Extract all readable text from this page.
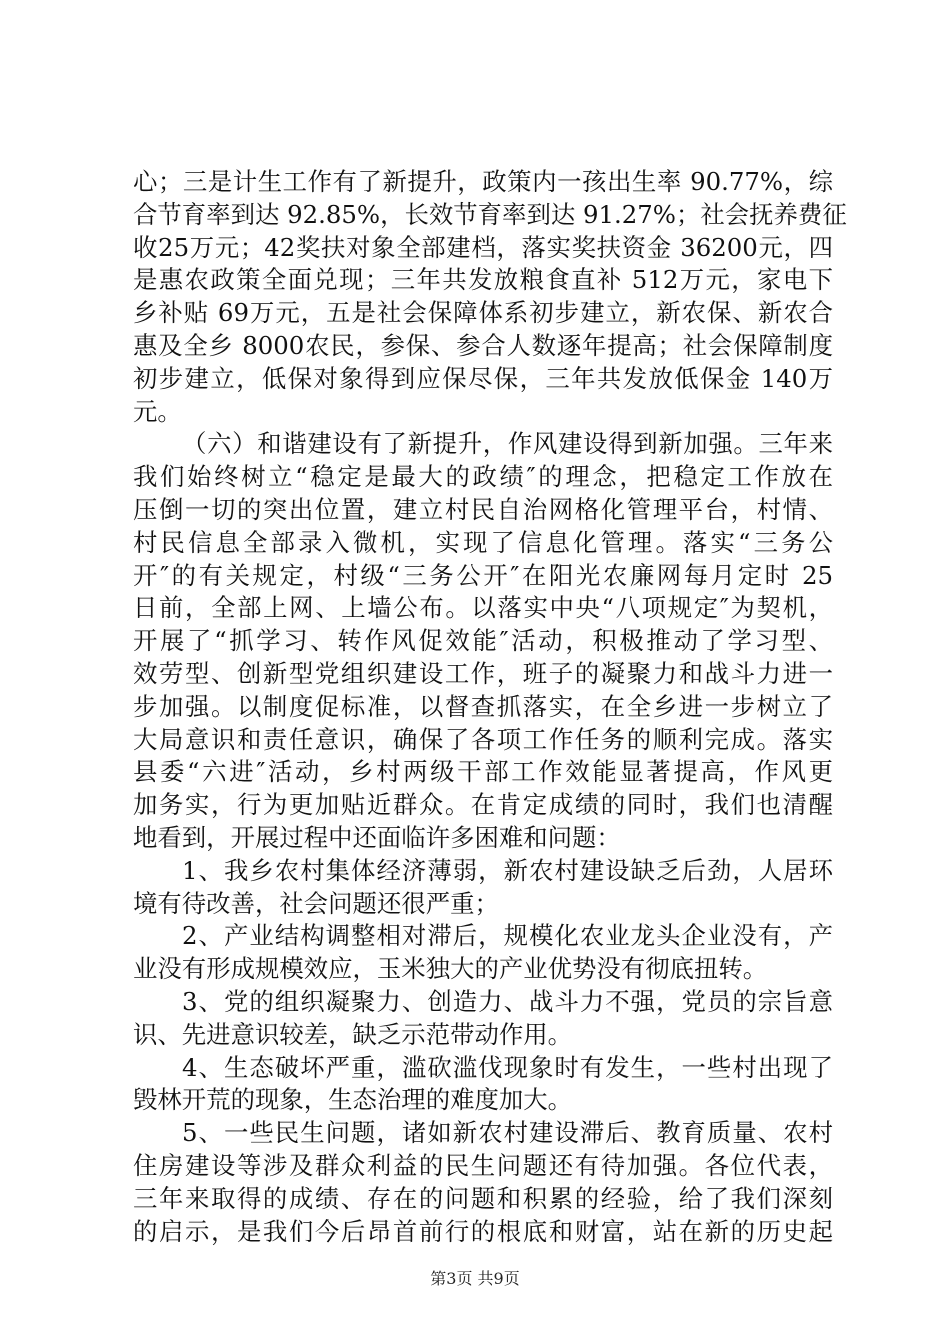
心；三是计生工作有了新提升，政策内一孩出生率 90.77%，综
合节育率到达 92.85%，长效节育率到达 91.27%；社会抚养费征
收25万元；42奖扶对象全部建档，落实奖扶资金 36200元，四
是惠农政策全面兑现；三年共发放粮食直补 512万元，家电下
乡补贴 69万元，五是社会保障体系初步建立，新农保、新农合
惠及全乡 8000农民，参保、参合人数逐年提高；社会保障制度
初步建立，低保对象得到应保尽保，三年共发放低保金 140万
元。
（六）和谐建设有了新提升，作风建设得到新加强。三年来
我们始终树立“稳定是最大的政绩″的理念，把稳定工作放在
压倒一切的突出位置，建立村民自治网格化管理平台，村情、
村民信息全部录入微机，实现了信息化管理。落实“三务公
开″的有关规定，村级“三务公开″在阳光农廉网每月定时 25
日前，全部上网、上墙公布。以落实中央“八项规定″为契机，
开展了“抓学习、转作风促效能″活动，积极推动了学习型、
效劳型、创新型党组织建设工作，班子的凝聚力和战斗力进一
步加强。以制度促标准，以督查抓落实，在全乡进一步树立了
大局意识和责任意识，确保了各项工作任务的顺利完成。落实
县委“六进″活动，乡村两级干部工作效能显著提高，作风更
加务实，行为更加贴近群众。在肯定成绩的同时，我们也清醒
地看到，开展过程中还面临许多困难和问题：
1、我乡农村集体经济薄弱，新农村建设缺乏后劲，人居环
境有待改善，社会问题还很严重；
2、产业结构调整相对滞后，规模化农业龙头企业没有，产
业没有形成规模效应，玉米独大的产业优势没有彻底扭转。
3、党的组织凝聚力、创造力、战斗力不强，党员的宗旨意
识、先进意识较差，缺乏示范带动作用。
4、生态破坏严重，滥砍滥伐现象时有发生，一些村出现了
毁林开荒的现象，生态治理的难度加大。
5、一些民生问题，诸如新农村建设滞后、教育质量、农村
住房建设等涉及群众利益的民生问题还有待加强。各位代表，
三年来取得的成绩、存在的问题和积累的经验，给了我们深刻
的启示，是我们今后昂首前行的根底和财富，站在新的历史起
第3页 共9页
